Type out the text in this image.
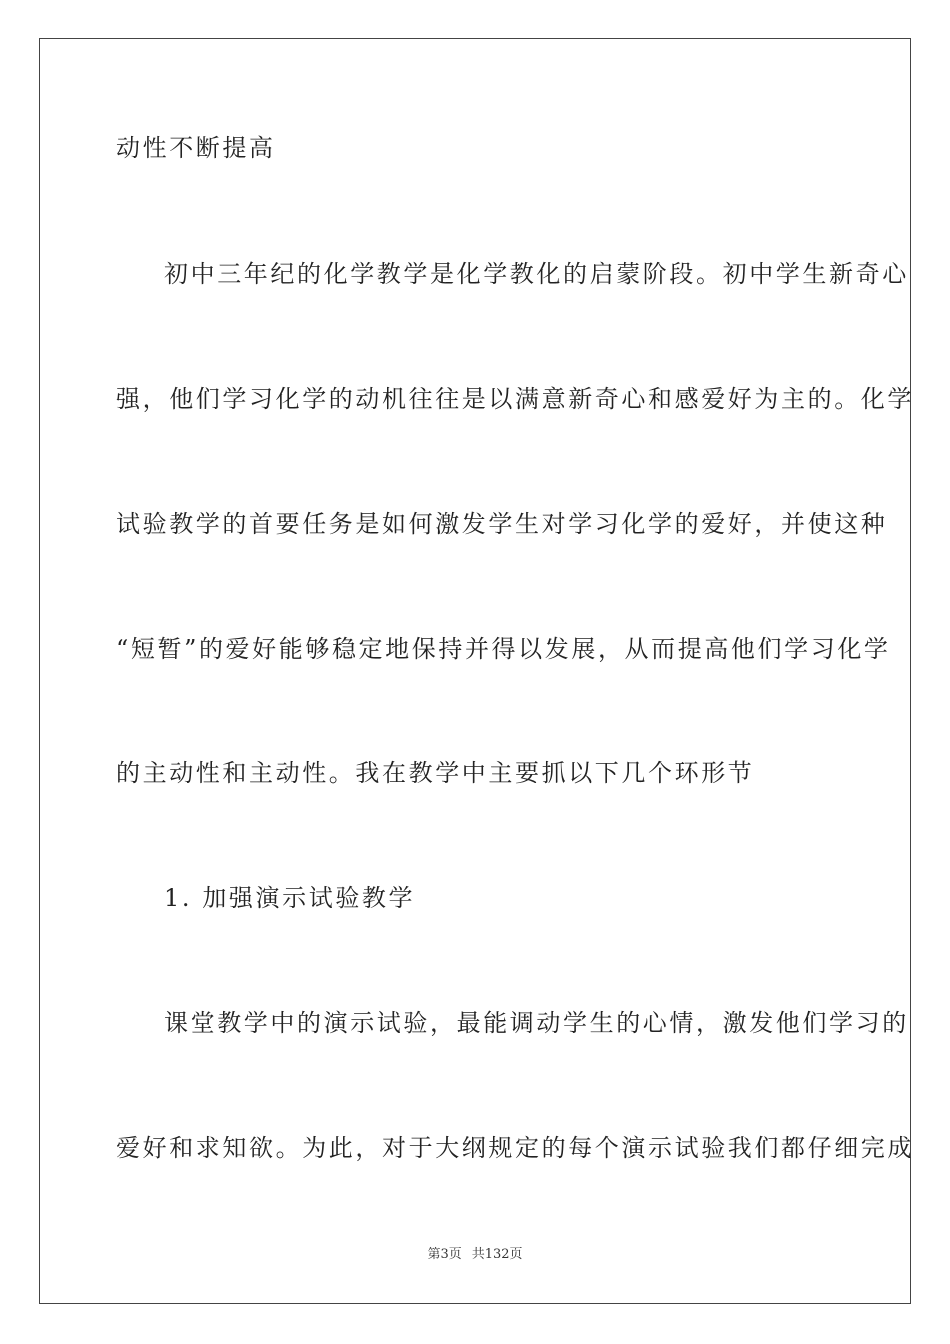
动性不断提高
初中三年纪的化学教学是化学教化的启蒙阶段。初中学生新奇心
强，他们学习化学的动机往往是以满意新奇心和感爱好为主的。化学
试验教学的首要任务是如何激发学生对学习化学的爱好，并使这种
“短暂”的爱好能够稳定地保持并得以发展，从而提高他们学习化学
的主动性和主动性。我在教学中主要抓以下几个环形节
1. 加强演示试验教学
课堂教学中的演示试验，最能调动学生的心情，激发他们学习的
爱好和求知欲。为此，对于大纲规定的每个演示试验我们都仔细完成
第3页 共132页
